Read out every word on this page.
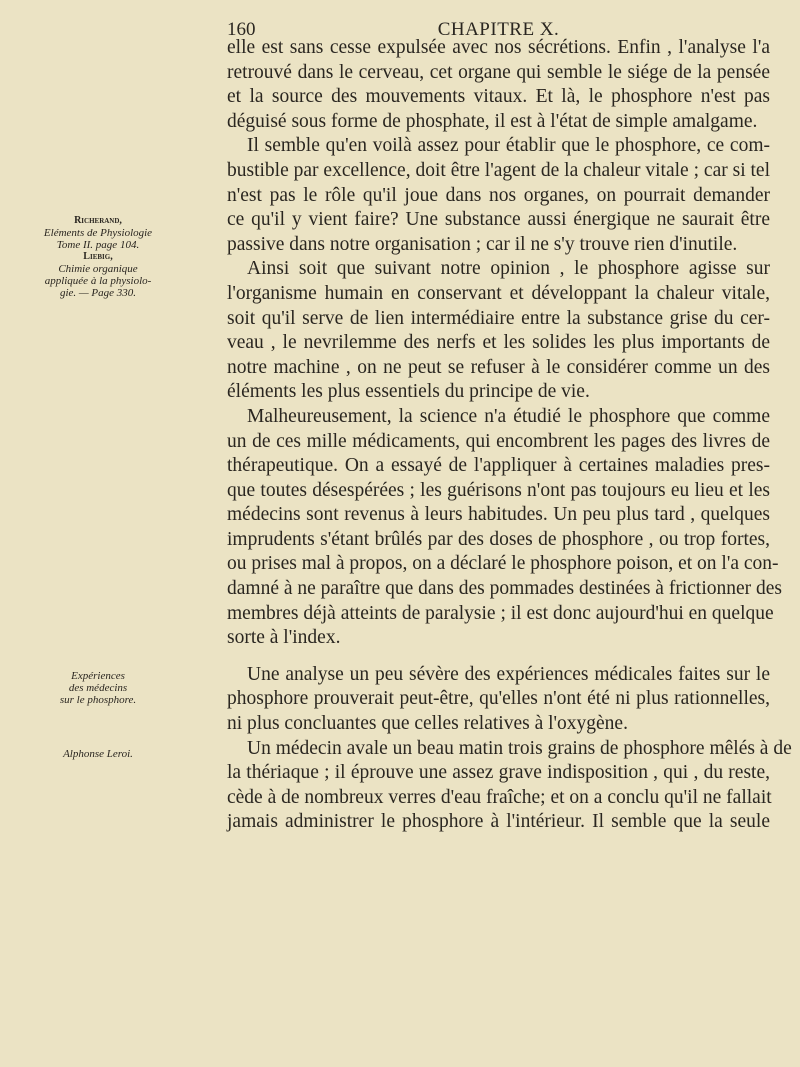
160	CHAPITRE X.
Richerand,
Eléments de Physiologie
Tome II. page 104.
Liebig,
Chimie organique
appliquée à la physiolo-
gie. — Page 330.
Expériences
des médecins
sur le phosphore.
Alphonse Leroi.
elle est sans cesse expulsée avec nos sécrétions. Enfin , l'analyse l'a
retrouvé dans le cerveau, cet organe qui semble le siége de la pensée
et la source des mouvements vitaux. Et là, le phosphore n'est pas
déguisé sous forme de phosphate, il est à l'état de simple amalgame.
Il semble qu'en voilà assez pour établir que le phosphore, ce com-
bustible par excellence, doit être l'agent de la chaleur vitale ; car si tel
n'est pas le rôle qu'il joue dans nos organes, on pourrait demander
ce qu'il y vient faire? Une substance aussi énergique ne saurait être
passive dans notre organisation ; car il ne s'y trouve rien d'inutile.
Ainsi soit que suivant notre opinion , le phosphore agisse sur
l'organisme humain en conservant et développant la chaleur vitale,
soit qu'il serve de lien intermédiaire entre la substance grise du cer-
veau , le nevrilemme des nerfs et les solides les plus importants de
notre machine , on ne peut se refuser à le considérer comme un des
éléments les plus essentiels du principe de vie.
Malheureusement, la science n'a étudié le phosphore que comme
un de ces mille médicaments, qui encombrent les pages des livres de
thérapeutique. On a essayé de l'appliquer à certaines maladies pres-
que toutes désespérées ; les guérisons n'ont pas toujours eu lieu et les
médecins sont revenus à leurs habitudes. Un peu plus tard , quelques
imprudents s'étant brûlés par des doses de phosphore , ou trop fortes,
ou prises mal à propos, on a déclaré le phosphore poison, et on l'a con-
damné à ne paraître que dans des pommades destinées à frictionner des
membres déjà atteints de paralysie ; il est donc aujourd'hui en quelque
sorte à l'index.
Une analyse un peu sévère des expériences médicales faites sur le
phosphore prouverait peut-être, qu'elles n'ont été ni plus rationnelles,
ni plus concluantes que celles relatives à l'oxygène.
Un médecin avale un beau matin trois grains de phosphore mêlés à de
la thériaque ; il éprouve une assez grave indisposition , qui , du reste,
cède à de nombreux verres d'eau fraîche; et on a conclu qu'il ne fallait
jamais administrer le phosphore à l'intérieur. Il semble que la seule
